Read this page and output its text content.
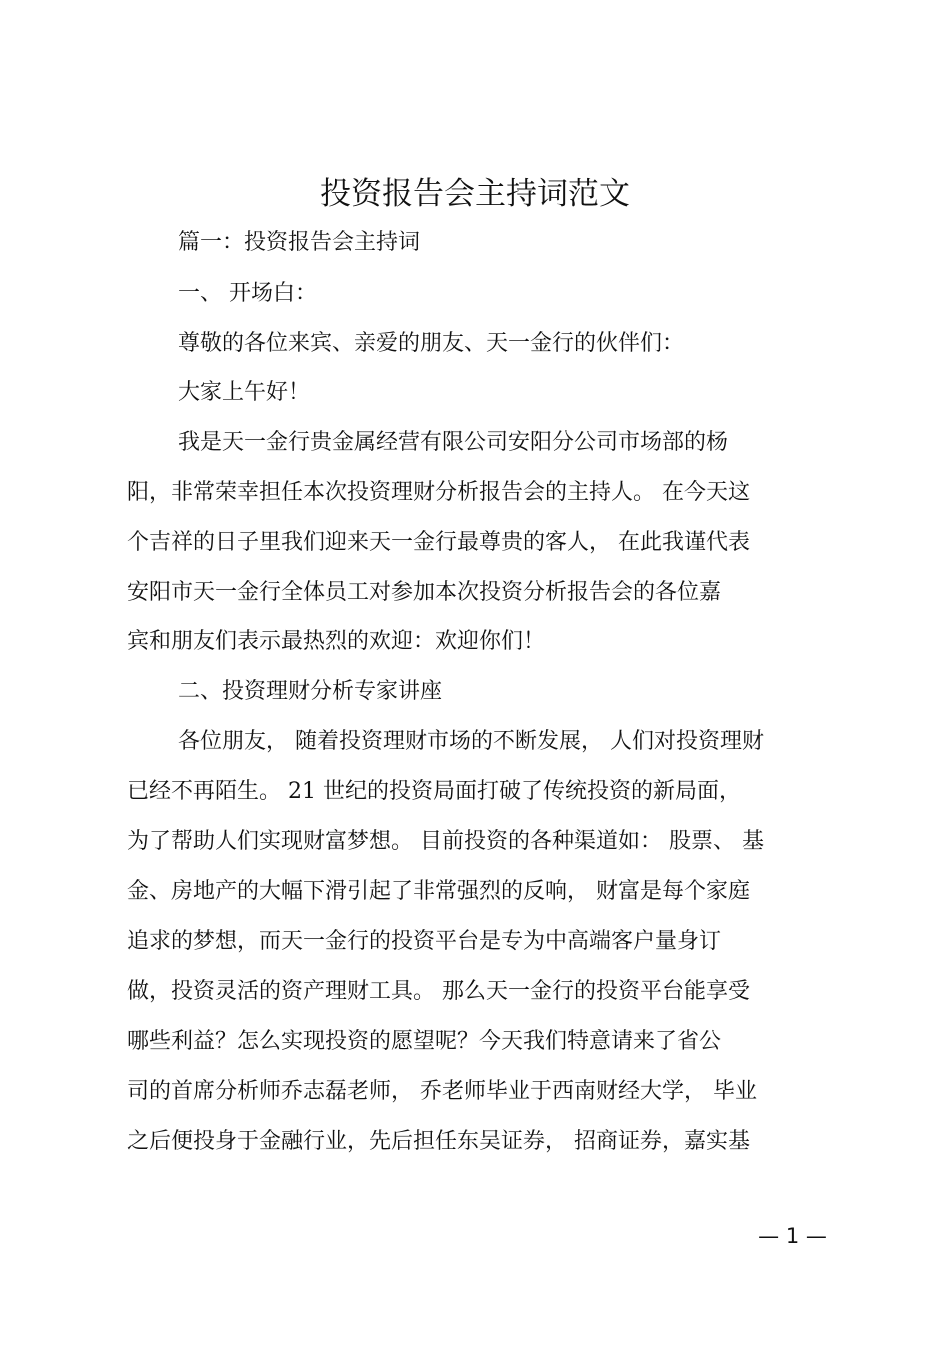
投资报告会主持词范文
篇一：投资报告会主持词
一、 开场白：
尊敬的各位来宾、亲爱的朋友、天一金行的伙伴们：
大家上午好！
我是天一金行贵金属经营有限公司安阳分公司市场部的杨
阳，非常荣幸担任本次投资理财分析报告会的主持人。 在今天这
个吉祥的日子里我们迎来天一金行最尊贵的客人， 在此我谨代表
安阳市天一金行全体员工对参加本次投资分析报告会的各位嘉
宾和朋友们表示最热烈的欢迎：欢迎你们！
二、投资理财分析专家讲座
各位朋友， 随着投资理财市场的不断发展， 人们对投资理财
已经不再陌生。 21 世纪的投资局面打破了传统投资的新局面，
为了帮助人们实现财富梦想。 目前投资的各种渠道如： 股票、 基
金、房地产的大幅下滑引起了非常强烈的反响， 财富是每个家庭
追求的梦想，而天一金行的投资平台是专为中高端客户量身订
做，投资灵活的资产理财工具。 那么天一金行的投资平台能享受
哪些利益？怎么实现投资的愿望呢？今天我们特意请来了省公
司的首席分析师乔志磊老师， 乔老师毕业于西南财经大学， 毕业
之后便投身于金融行业，先后担任东吴证券， 招商证券，嘉实基
— 1 —
